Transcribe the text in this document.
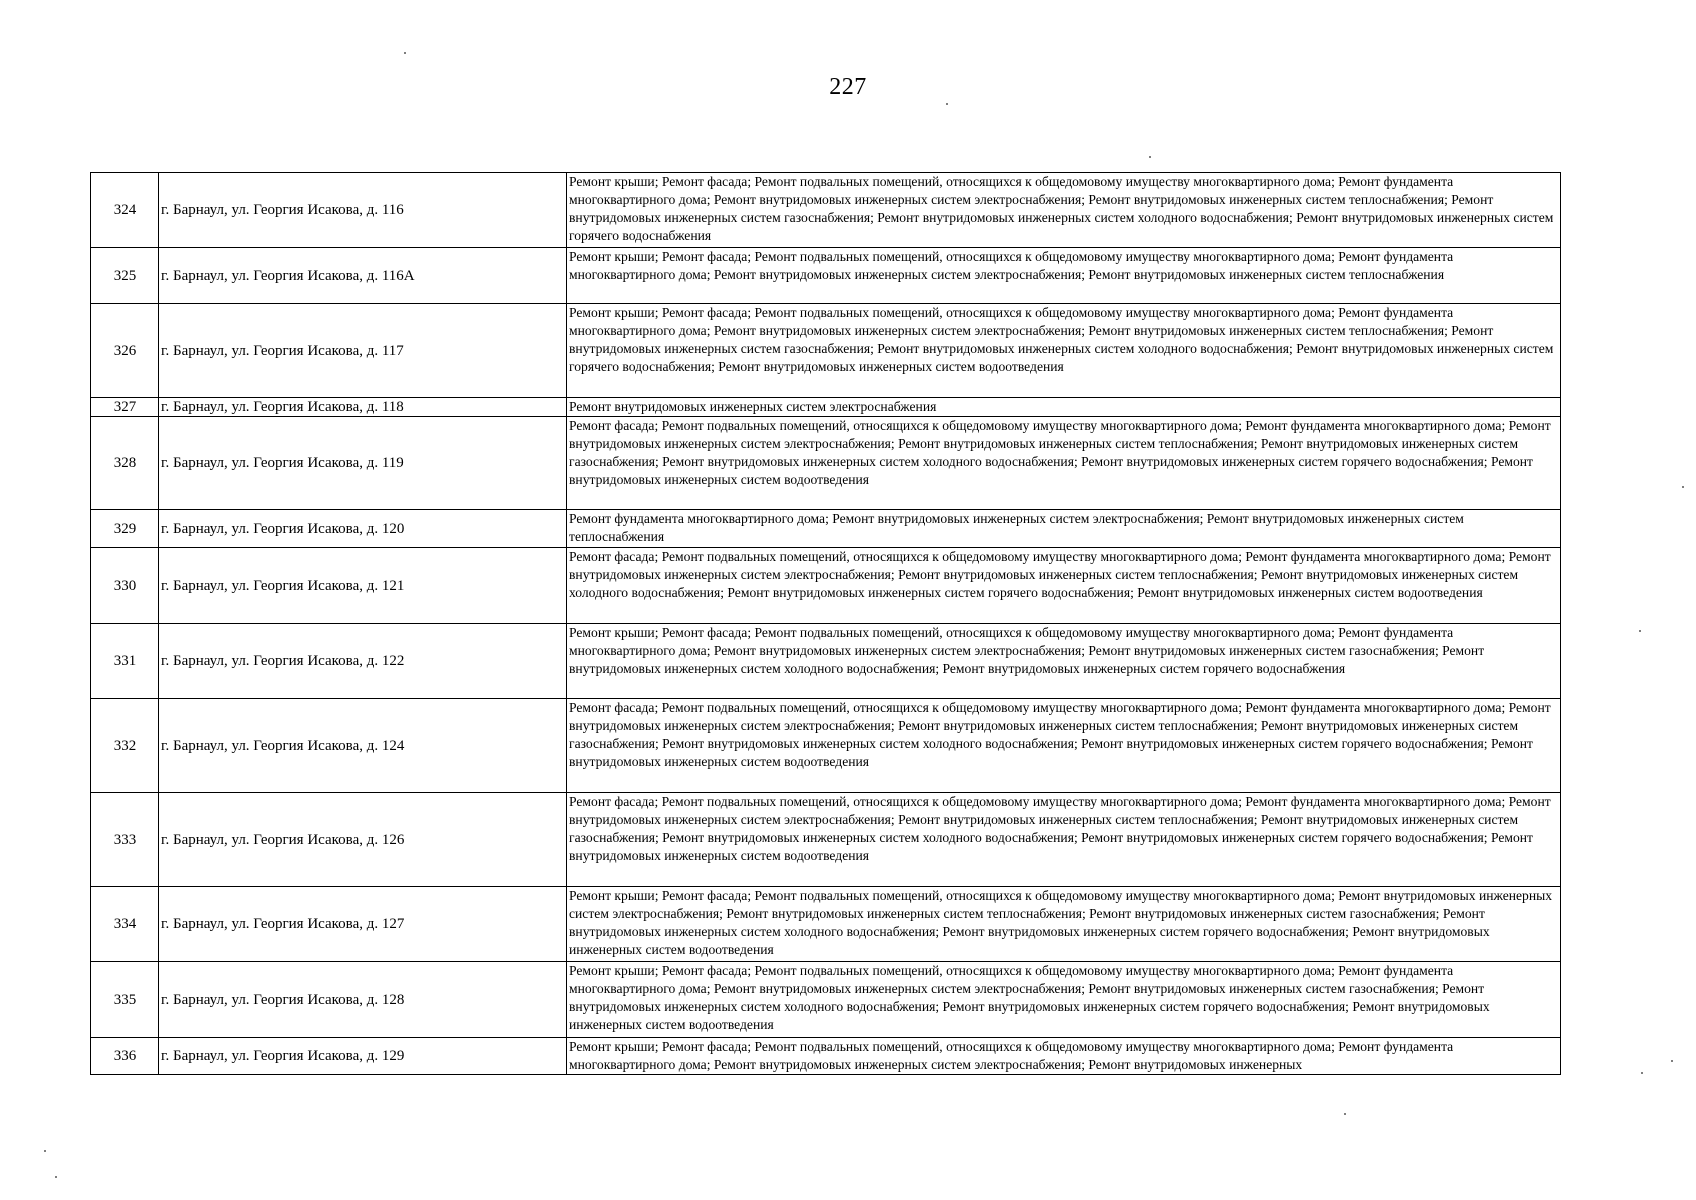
227
324	г. Барнаул, ул. Георгия Исакова, д. 116	Ремонт крыши; Ремонт фасада; Ремонт подвальных помещений, относящихся к общедомовому имуществу многоквартирного дома; Ремонт фундамента многоквартирного дома; Ремонт внутридомовых инженерных систем электроснабжения; Ремонт внутридомовых инженерных систем теплоснабжения; Ремонт внутридомовых инженерных систем газоснабжения; Ремонт внутридомовых инженерных систем холодного водоснабжения; Ремонт внутридомовых инженерных систем горячего водоснабжения
325	г. Барнаул, ул. Георгия Исакова, д. 116А	Ремонт крыши; Ремонт фасада; Ремонт подвальных помещений, относящихся к общедомовому имуществу многоквартирного дома; Ремонт фундамента многоквартирного дома; Ремонт внутридомовых инженерных систем электроснабжения; Ремонт внутридомовых инженерных систем теплоснабжения
326	г. Барнаул, ул. Георгия Исакова, д. 117	Ремонт крыши; Ремонт фасада; Ремонт подвальных помещений, относящихся к общедомовому имуществу многоквартирного дома; Ремонт фундамента многоквартирного дома; Ремонт внутридомовых инженерных систем электроснабжения; Ремонт внутридомовых инженерных систем теплоснабжения; Ремонт внутридомовых инженерных систем газоснабжения; Ремонт внутридомовых инженерных систем холодного водоснабжения; Ремонт внутридомовых инженерных систем горячего водоснабжения; Ремонт внутридомовых инженерных систем водоотведения
327	г. Барнаул, ул. Георгия Исакова, д. 118	Ремонт внутридомовых инженерных систем электроснабжения
328	г. Барнаул, ул. Георгия Исакова, д. 119	Ремонт фасада; Ремонт подвальных помещений, относящихся к общедомовому имуществу многоквартирного дома; Ремонт фундамента многоквартирного дома; Ремонт внутридомовых инженерных систем электроснабжения; Ремонт внутридомовых инженерных систем теплоснабжения; Ремонт внутридомовых инженерных систем газоснабжения; Ремонт внутридомовых инженерных систем холодного водоснабжения; Ремонт внутридомовых инженерных систем горячего водоснабжения; Ремонт внутридомовых инженерных систем водоотведения
329	г. Барнаул, ул. Георгия Исакова, д. 120	Ремонт фундамента многоквартирного дома; Ремонт внутридомовых инженерных систем электроснабжения; Ремонт внутридомовых инженерных систем теплоснабжения
330	г. Барнаул, ул. Георгия Исакова, д. 121	Ремонт фасада; Ремонт подвальных помещений, относящихся к общедомовому имуществу многоквартирного дома; Ремонт фундамента многоквартирного дома; Ремонт внутридомовых инженерных систем электроснабжения; Ремонт внутридомовых инженерных систем теплоснабжения; Ремонт внутридомовых инженерных систем холодного водоснабжения; Ремонт внутридомовых инженерных систем горячего водоснабжения; Ремонт внутридомовых инженерных систем водоотведения
331	г. Барнаул, ул. Георгия Исакова, д. 122	Ремонт крыши; Ремонт фасада; Ремонт подвальных помещений, относящихся к общедомовому имуществу многоквартирного дома; Ремонт фундамента многоквартирного дома; Ремонт внутридомовых инженерных систем электроснабжения; Ремонт внутридомовых инженерных систем газоснабжения; Ремонт внутридомовых инженерных систем холодного водоснабжения; Ремонт внутридомовых инженерных систем горячего водоснабжения
332	г. Барнаул, ул. Георгия Исакова, д. 124	Ремонт фасада; Ремонт подвальных помещений, относящихся к общедомовому имуществу многоквартирного дома; Ремонт фундамента многоквартирного дома; Ремонт внутридомовых инженерных систем электроснабжения; Ремонт внутридомовых инженерных систем теплоснабжения; Ремонт внутридомовых инженерных систем газоснабжения; Ремонт внутридомовых инженерных систем холодного водоснабжения; Ремонт внутридомовых инженерных систем горячего водоснабжения; Ремонт внутридомовых инженерных систем водоотведения
333	г. Барнаул, ул. Георгия Исакова, д. 126	Ремонт фасада; Ремонт подвальных помещений, относящихся к общедомовому имуществу многоквартирного дома; Ремонт фундамента многоквартирного дома; Ремонт внутридомовых инженерных систем электроснабжения; Ремонт внутридомовых инженерных систем теплоснабжения; Ремонт внутридомовых инженерных систем газоснабжения; Ремонт внутридомовых инженерных систем холодного водоснабжения; Ремонт внутридомовых инженерных систем горячего водоснабжения; Ремонт внутридомовых инженерных систем водоотведения
334	г. Барнаул, ул. Георгия Исакова, д. 127	Ремонт крыши; Ремонт фасада; Ремонт подвальных помещений, относящихся к общедомовому имуществу многоквартирного дома; Ремонт внутридомовых инженерных систем электроснабжения; Ремонт внутридомовых инженерных систем теплоснабжения; Ремонт внутридомовых инженерных систем газоснабжения; Ремонт внутридомовых инженерных систем холодного водоснабжения; Ремонт внутридомовых инженерных систем горячего водоснабжения; Ремонт внутридомовых инженерных систем водоотведения
335	г. Барнаул, ул. Георгия Исакова, д. 128	Ремонт крыши; Ремонт фасада; Ремонт подвальных помещений, относящихся к общедомовому имуществу многоквартирного дома; Ремонт фундамента многоквартирного дома; Ремонт внутридомовых инженерных систем электроснабжения; Ремонт внутридомовых инженерных систем газоснабжения; Ремонт внутридомовых инженерных систем холодного водоснабжения; Ремонт внутридомовых инженерных систем горячего водоснабжения; Ремонт внутридомовых инженерных систем водоотведения
336	г. Барнаул, ул. Георгия Исакова, д. 129	Ремонт крыши; Ремонт фасада; Ремонт подвальных помещений, относящихся к общедомовому имуществу многоквартирного дома; Ремонт фундамента многоквартирного дома; Ремонт внутридомовых инженерных систем электроснабжения; Ремонт внутридомовых инженерных
